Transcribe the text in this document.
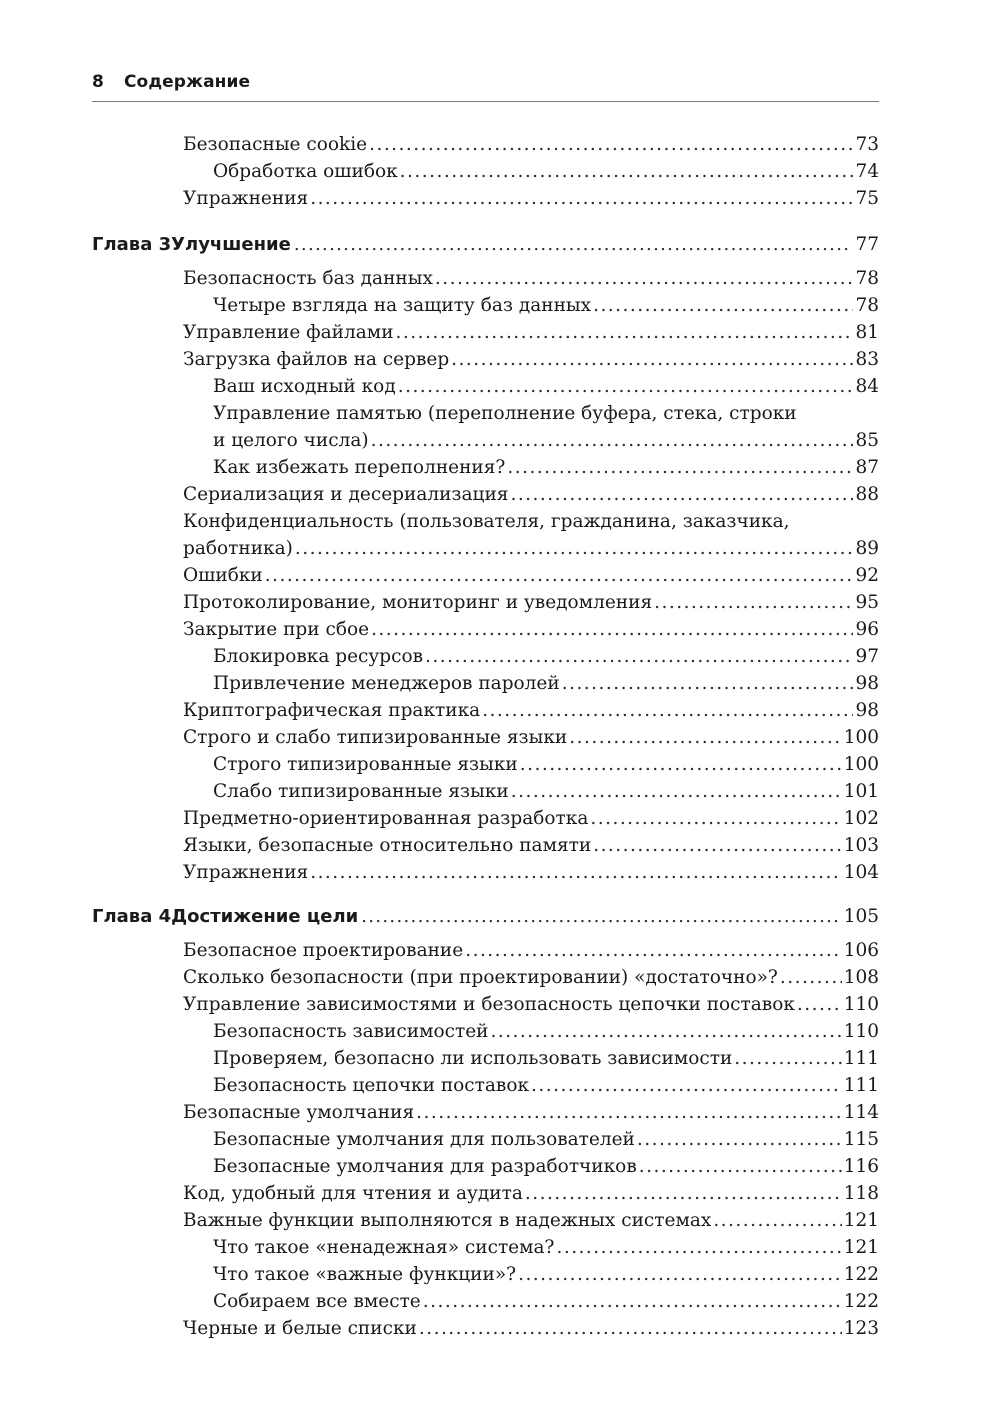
8 Содержание
Безопасные cookie . . .	73
Обработка ошибок . . .	74
Упражнения . . .	75
Глава 3 Улучшение . . .	77
Безопасность баз данных . . .	78
Четыре взгляда на защиту баз данных . . .	78
Управление файлами . . .	81
Загрузка файлов на сервер . . .	83
Ваш исходный код . . .	84
Управление памятью (переполнение буфера, стека, строки
и целого числа) . . .	85
Как избежать переполнения? . . .	87
Сериализация и десериализация . . .	88
Конфиденциальность (пользователя, гражданина, заказчика,
работника) . . .	89
Ошибки . . .	92
Протоколирование, мониторинг и уведомления . . .	95
Закрытие при сбое . . .	96
Блокировка ресурсов . . .	97
Привлечение менеджеров паролей . . .	98
Криптографическая практика . . .	98
Строго и слабо типизированные языки . . .	100
Строго типизированные языки . . .	100
Слабо типизированные языки . . .	101
Предметно-ориентированная разработка . . .	102
Языки, безопасные относительно памяти . . .	103
Упражнения . . .	104
Глава 4 Достижение цели . . .	105
Безопасное проектирование . . .	106
Сколько безопасности (при проектировании) «достаточно»? . . .	108
Управление зависимостями и безопасность цепочки поставок . . .	110
Безопасность зависимостей . . .	110
Проверяем, безопасно ли использовать зависимости . . .	111
Безопасность цепочки поставок . . .	111
Безопасные умолчания . . .	114
Безопасные умолчания для пользователей . . .	115
Безопасные умолчания для разработчиков . . .	116
Код, удобный для чтения и аудита . . .	118
Важные функции выполняются в надежных системах . . .	121
Что такое «ненадежная» система? . . .	121
Что такое «важные функции»? . . .	122
Собираем все вместе . . .	122
Черные и белые списки . . .	123
